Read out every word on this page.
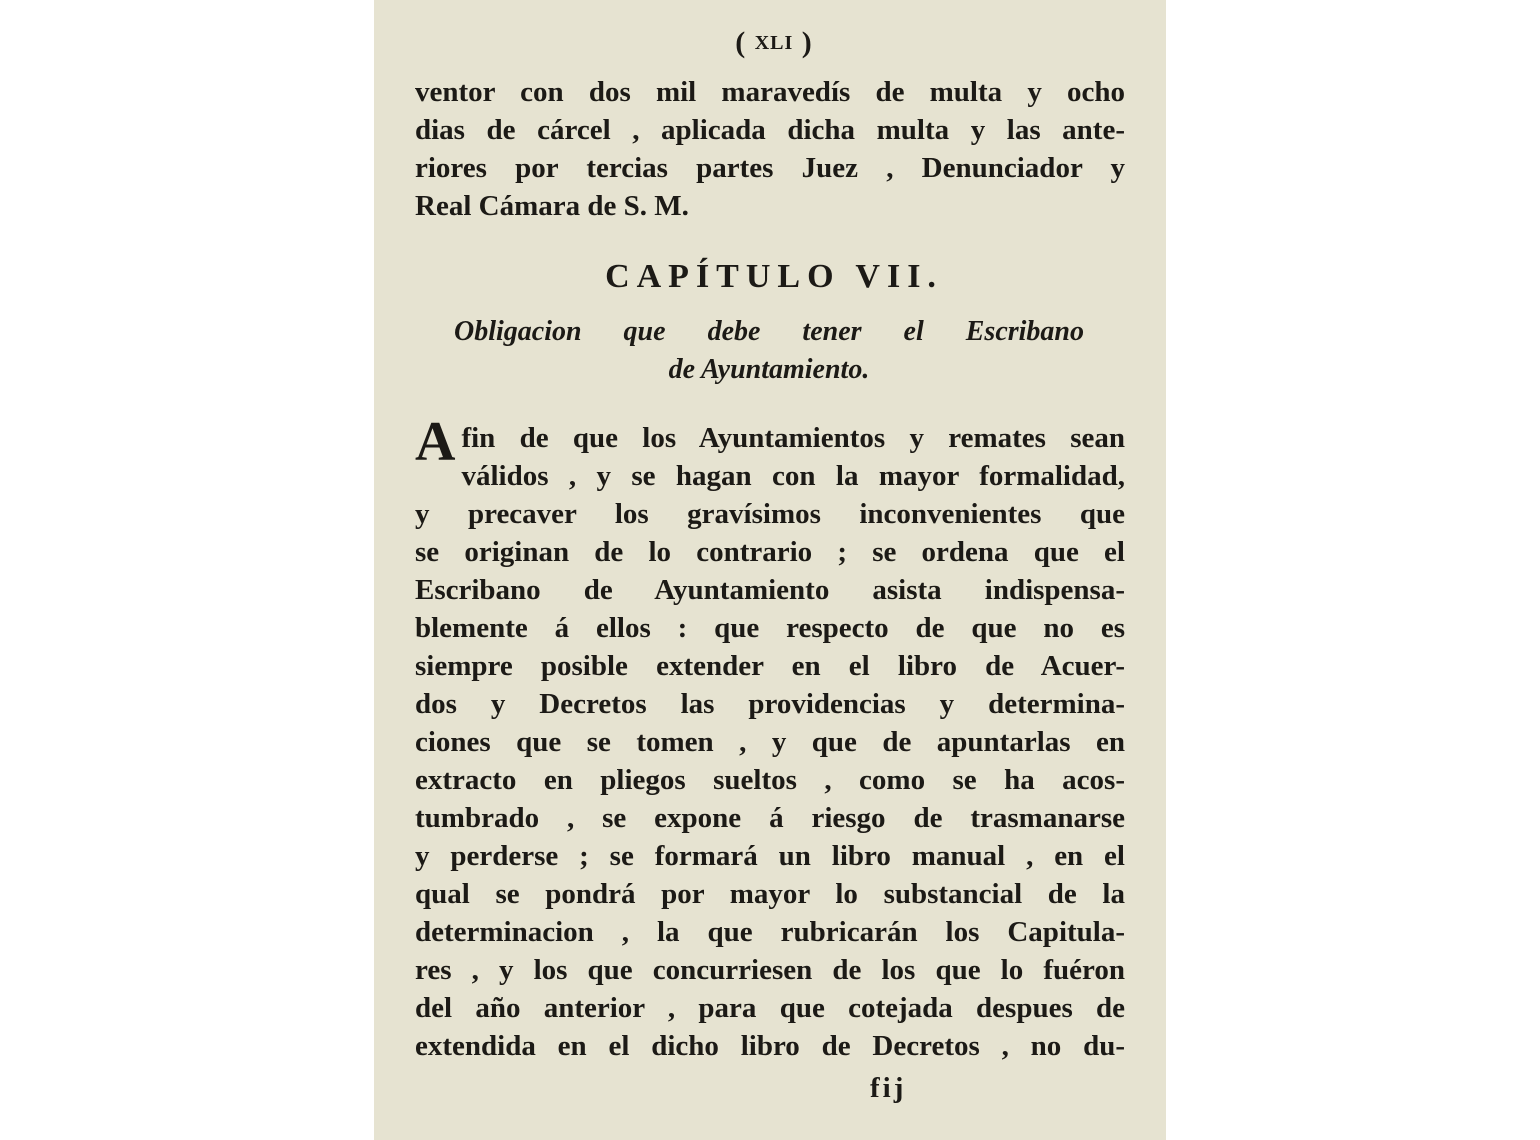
( XLI )
ventor con dos mil maravedís de multa y ocho
dias de cárcel , aplicada dicha multa y las ante-
riores por tercias partes Juez , Denunciador y
Real Cámara de S. M.
CAPÍTULO VII.
Obligacion que debe tener el Escribano
de Ayuntamiento.
Afin de que los Ayuntamientos y remates sean
válidos , y se hagan con la mayor formalidad,
y precaver los gravísimos inconvenientes que
se originan de lo contrario ; se ordena que el
Escribano de Ayuntamiento asista indispensa-
blemente á ellos : que respecto de que no es
siempre posible extender en el libro de Acuer-
dos y Decretos las providencias y determina-
ciones que se tomen , y que de apuntarlas en
extracto en pliegos sueltos , como se ha acos-
tumbrado , se expone á riesgo de trasmanarse
y perderse ; se formará un libro manual , en el
qual se pondrá por mayor lo substancial de la
determinacion , la que rubricarán los Capitula-
res , y los que concurriesen de los que lo fuéron
del año anterior , para que cotejada despues de
extendida en el dicho libro de Decretos , no du-
fij
